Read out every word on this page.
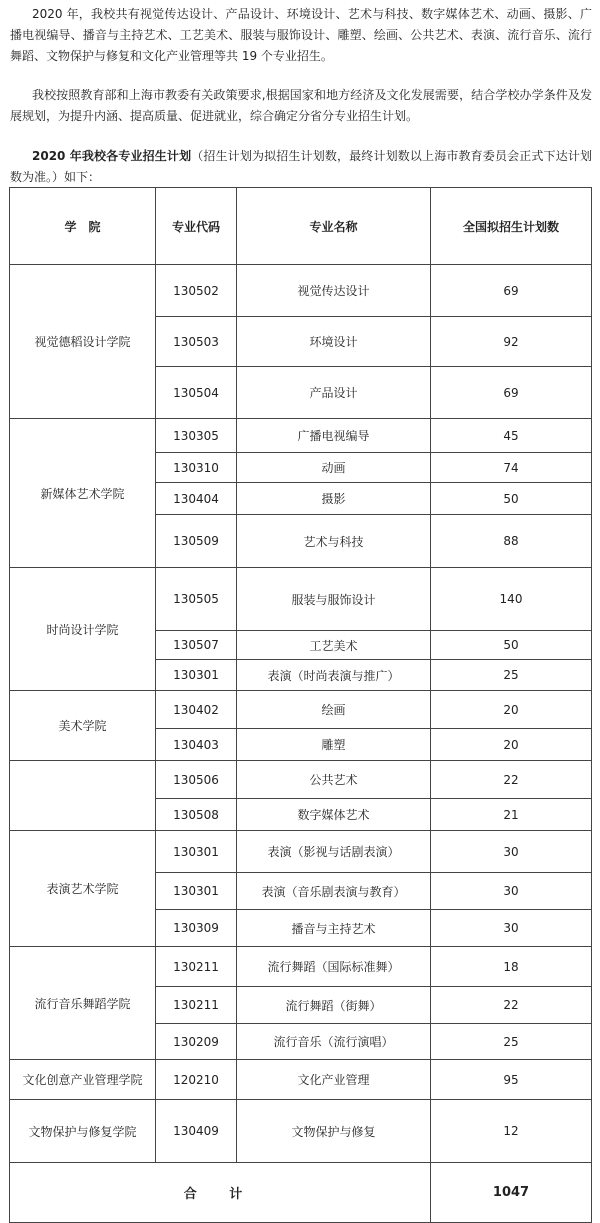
2020 年，我校共有视觉传达设计、产品设计、环境设计、艺术与科技、数字媒体艺术、动画、摄影、广播电视编导、播音与主持艺术、工艺美术、服装与服饰设计、雕塑、绘画、公共艺术、表演、流行音乐、流行舞蹈、文物保护与修复和文化产业管理等共 19 个专业招生。
我校按照教育部和上海市教委有关政策要求,根据国家和地方经济及文化发展需要，结合学校办学条件及发展规划，为提升内涵、提高质量、促进就业，综合确定分省分专业招生计划。
2020 年我校各专业招生计划（招生计划为拟招生计划数，最终计划数以上海市教育委员会正式下达计划数为准。）如下：
学　院	专业代码	专业名称	全国拟招生计划数
视觉德稻设计学院	130502	视觉传达设计	69
	130503	环境设计	92
	130504	产品设计	69
新媒体艺术学院	130305	广播电视编导	45
	130310	动画	74
	130404	摄影	50
	130509	艺术与科技	88
时尚设计学院	130505	服装与服饰设计	140
	130507	工艺美术	50
	130301	表演（时尚表演与推广）	25
美术学院	130402	绘画	20
	130403	雕塑	20
	130506	公共艺术	22
	130508	数字媒体艺术	21
表演艺术学院	130301	表演（影视与话剧表演）	30
	130301	表演（音乐剧表演与教育）	30
	130309	播音与主持艺术	30
流行音乐舞蹈学院	130211	流行舞蹈（国际标准舞）	18
	130211	流行舞蹈（街舞）	22
	130209	流行音乐（流行演唱）	25
文化创意产业管理学院	120210	文化产业管理	95
文物保护与修复学院	130409	文物保护与修复	12
合 计			1047
